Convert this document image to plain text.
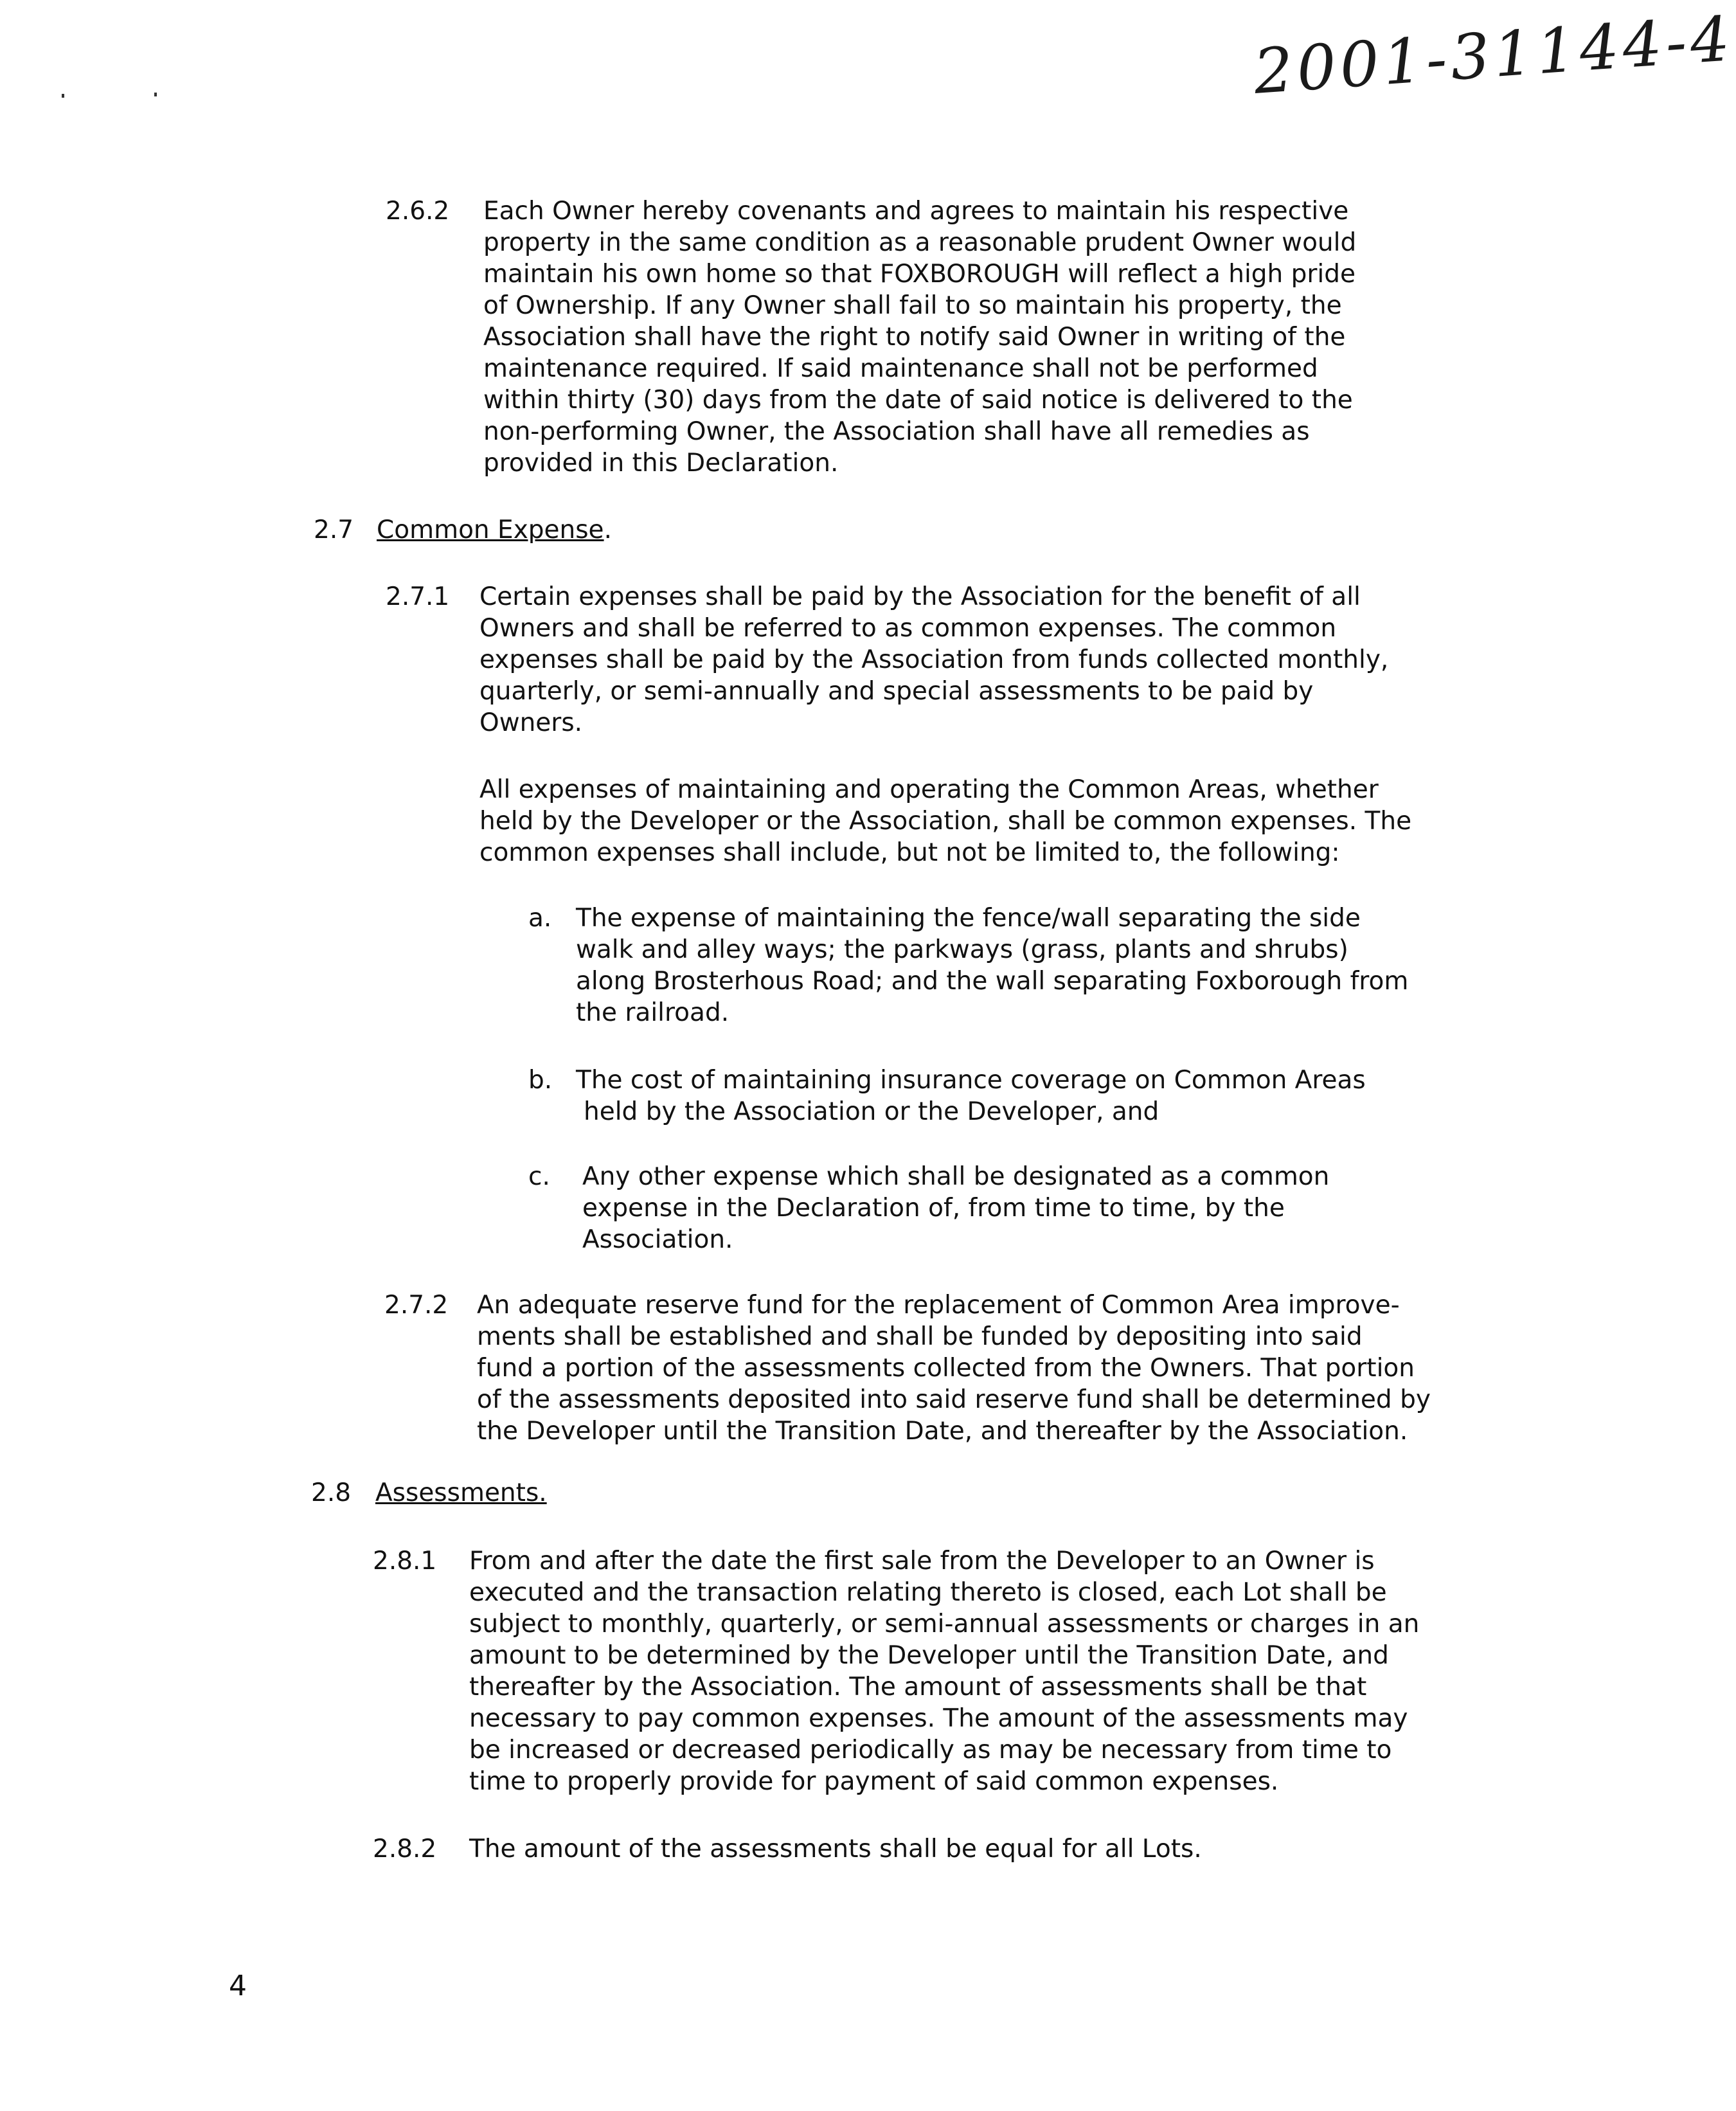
2001-31144-4
2.6.2 Each Owner hereby covenants and agrees to maintain his respective
property in the same condition as a reasonable prudent Owner would
maintain his own home so that FOXBOROUGH will reflect a high pride
of Ownership. If any Owner shall fail to so maintain his property, the
Association shall have the right to notify said Owner in writing of the
maintenance required. If said maintenance shall not be performed
within thirty (30) days from the date of said notice is delivered to the
non-performing Owner, the Association shall have all remedies as
provided in this Declaration.
2.7 Common Expense.
2.7.1 Certain expenses shall be paid by the Association for the benefit of all
Owners and shall be referred to as common expenses. The common
expenses shall be paid by the Association from funds collected monthly,
quarterly, or semi-annually and special assessments to be paid by
Owners.
All expenses of maintaining and operating the Common Areas, whether
held by the Developer or the Association, shall be common expenses. The
common expenses shall include, but not be limited to, the following:
a. The expense of maintaining the fence/wall separating the side
walk and alley ways; the parkways (grass, plants and shrubs)
along Brosterhous Road; and the wall separating Foxborough from
the railroad.
b. The cost of maintaining insurance coverage on Common Areas
held by the Association or the Developer, and
c. Any other expense which shall be designated as a common
expense in the Declaration of, from time to time, by the
Association.
2.7.2 An adequate reserve fund for the replacement of Common Area improve-
ments shall be established and shall be funded by depositing into said
fund a portion of the assessments collected from the Owners. That portion
of the assessments deposited into said reserve fund shall be determined by
the Developer until the Transition Date, and thereafter by the Association.
2.8 Assessments.
2.8.1 From and after the date the first sale from the Developer to an Owner is
executed and the transaction relating thereto is closed, each Lot shall be
subject to monthly, quarterly, or semi-annual assessments or charges in an
amount to be determined by the Developer until the Transition Date, and
thereafter by the Association. The amount of assessments shall be that
necessary to pay common expenses. The amount of the assessments may
be increased or decreased periodically as may be necessary from time to
time to properly provide for payment of said common expenses.
2.8.2 The amount of the assessments shall be equal for all Lots.
4
